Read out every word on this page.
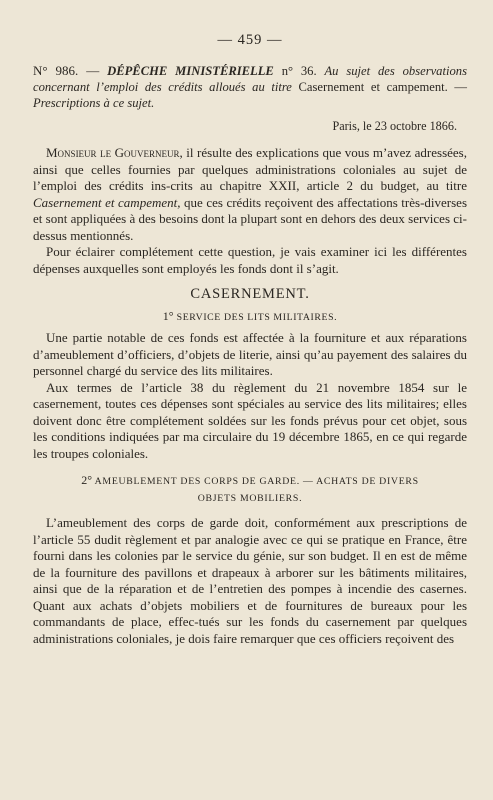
— 459 —

N° 986. — DÉPÊCHE MINISTÉRIELLE n° 36. Au sujet des observations concernant l’emploi des crédits alloués au titre Casernement et campement. — Prescriptions à ce sujet.

Paris, le 23 octobre 1866.

Monsieur le Gouverneur, il résulte des explications que vous m’avez adressées, ainsi que celles fournies par quelques administrations coloniales au sujet de l’emploi des crédits ins-crits au chapitre XXII, article 2 du budget, au titre Casernement et campement, que ces crédits reçoivent des affectations très-diverses et sont appliquées à des besoins dont la plupart sont en dehors des deux services ci-dessus mentionnés.

Pour éclairer complétement cette question, je vais examiner ici les différentes dépenses auxquelles sont employés les fonds dont il s’agit.

CASERNEMENT.
1° SERVICE DES LITS MILITAIRES.

Une partie notable de ces fonds est affectée à la fourniture et aux réparations d’ameublement d’officiers, d’objets de literie, ainsi qu’au payement des salaires du personnel chargé du service des lits militaires.

Aux termes de l’article 38 du règlement du 21 novembre 1854 sur le casernement, toutes ces dépenses sont spéciales au service des lits militaires; elles doivent donc être complétement soldées sur les fonds prévus pour cet objet, sous les conditions indiquées par ma circulaire du 19 décembre 1865, en ce qui regarde les troupes coloniales.

2° AMEUBLEMENT DES CORPS DE GARDE. — ACHATS DE DIVERS
OBJETS MOBILIERS.

L’ameublement des corps de garde doit, conformément aux prescriptions de l’article 55 dudit règlement et par analogie avec ce qui se pratique en France, être fourni dans les colonies par le service du génie, sur son budget. Il en est de même de la fourniture des pavillons et drapeaux à arborer sur les bâtiments militaires, ainsi que de la réparation et de l’entretien des pompes à incendie des casernes. Quant aux achats d’objets mobiliers et de fournitures de bureaux pour les commandants de place, effec-tués sur les fonds du casernement par quelques administrations coloniales, je dois faire remarquer que ces officiers reçoivent des
